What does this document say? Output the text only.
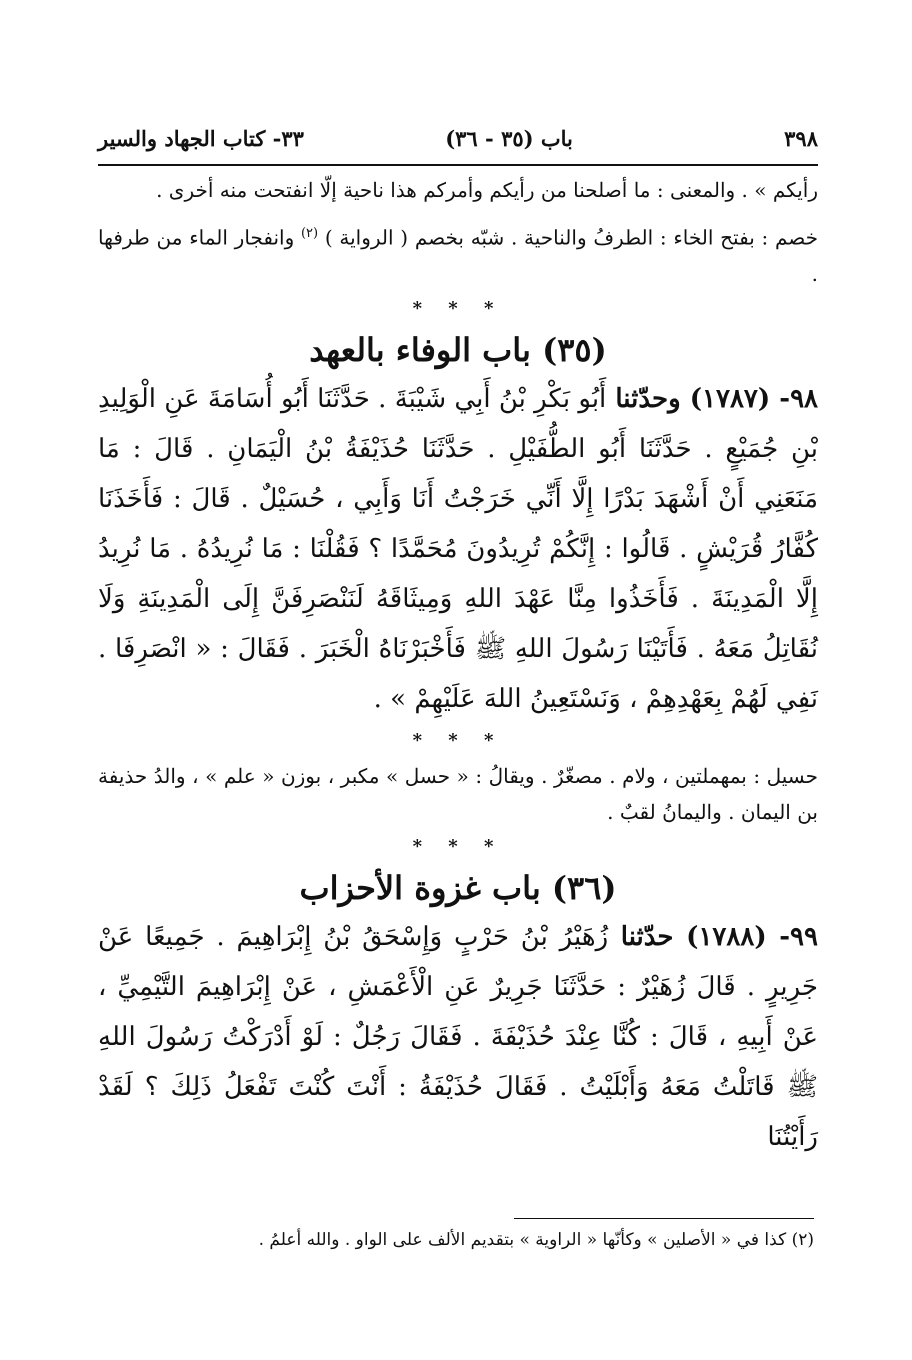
٣٩٨
باب (٣٥ - ٣٦)
٣٣- كتاب الجهاد والسير

رأيكم » . والمعنى : ما أصلحنا من رأيكم وأمركم هذا ناحية إلّا انفتحت منه أخرى .

خصم : بفتح الخاء : الطرفُ والناحية . شبّه بخصم ( الرواية ) $^{(٢)}$ وانفجار الماء من طرفها .

* * *
(٣٥) باب الوفاء بالعهد

٩٨- (١٧٨٧) وحدّثنا أَبُو بَكْرِ بْنُ أَبِي شَيْبَةَ . حَدَّثَنَا أَبُو أُسَامَةَ عَنِ الْوَلِيدِ بْنِ جُمَيْعٍ . حَدَّثَنَا أَبُو الطُّفَيْلِ . حَدَّثَنَا حُذَيْفَةُ بْنُ الْيَمَانِ . قَالَ : مَا مَنَعَنِي أَنْ أَشْهَدَ بَدْرًا إِلَّا أَنِّي خَرَجْتُ أَنَا وَأَبِي ، حُسَيْلٌ . قَالَ : فَأَخَذَنَا كُفَّارُ قُرَيْشٍ . قَالُوا : إِنَّكُمْ تُرِيدُونَ مُحَمَّدًا ؟ فَقُلْنَا : مَا نُرِيدُهُ . مَا نُرِيدُ إِلَّا الْمَدِينَةَ . فَأَخَذُوا مِنَّا عَهْدَ اللهِ وَمِيثَاقَهُ لَنَنْصَرِفَنَّ إِلَى الْمَدِينَةِ وَلَا نُقَاتِلُ مَعَهُ . فَأَتَيْنَا رَسُولَ اللهِ ﷺ فَأَخْبَرْنَاهُ الْخَبَرَ . فَقَالَ : « انْصَرِفَا . نَفِي لَهُمْ بِعَهْدِهِمْ ، وَنَسْتَعِينُ اللهَ عَلَيْهِمْ » .

* * *

حسيل : بمهملتين ، ولام . مصغّرٌ . ويقالُ : « حسل » مكبر ، بوزن « علم » ، والدُ حذيفة بن اليمان . واليمانُ لقبٌ .

* * *
(٣٦) باب غزوة الأحزاب

٩٩- (١٧٨٨) حدّثنا زُهَيْرُ بْنُ حَرْبٍ وَإِسْحَقُ بْنُ إِبْرَاهِيمَ . جَمِيعًا عَنْ جَرِيرٍ . قَالَ زُهَيْرٌ : حَدَّثَنَا جَرِيرٌ عَنِ الْأَعْمَشِ ، عَنْ إِبْرَاهِيمَ التَّيْمِيِّ ، عَنْ أَبِيهِ ، قَالَ : كُنَّا عِنْدَ حُذَيْفَةَ . فَقَالَ رَجُلٌ : لَوْ أَدْرَكْتُ رَسُولَ اللهِ ﷺ قَاتَلْتُ مَعَهُ وَأَبْلَيْتُ . فَقَالَ حُذَيْفَةُ : أَنْتَ كُنْتَ تَفْعَلُ ذَلِكَ ؟ لَقَدْ رَأَيْتُنَا

(٢) كذا في « الأصلين » وكأنّها « الراوية » بتقديم الألف على الواو . والله أعلمُ .
